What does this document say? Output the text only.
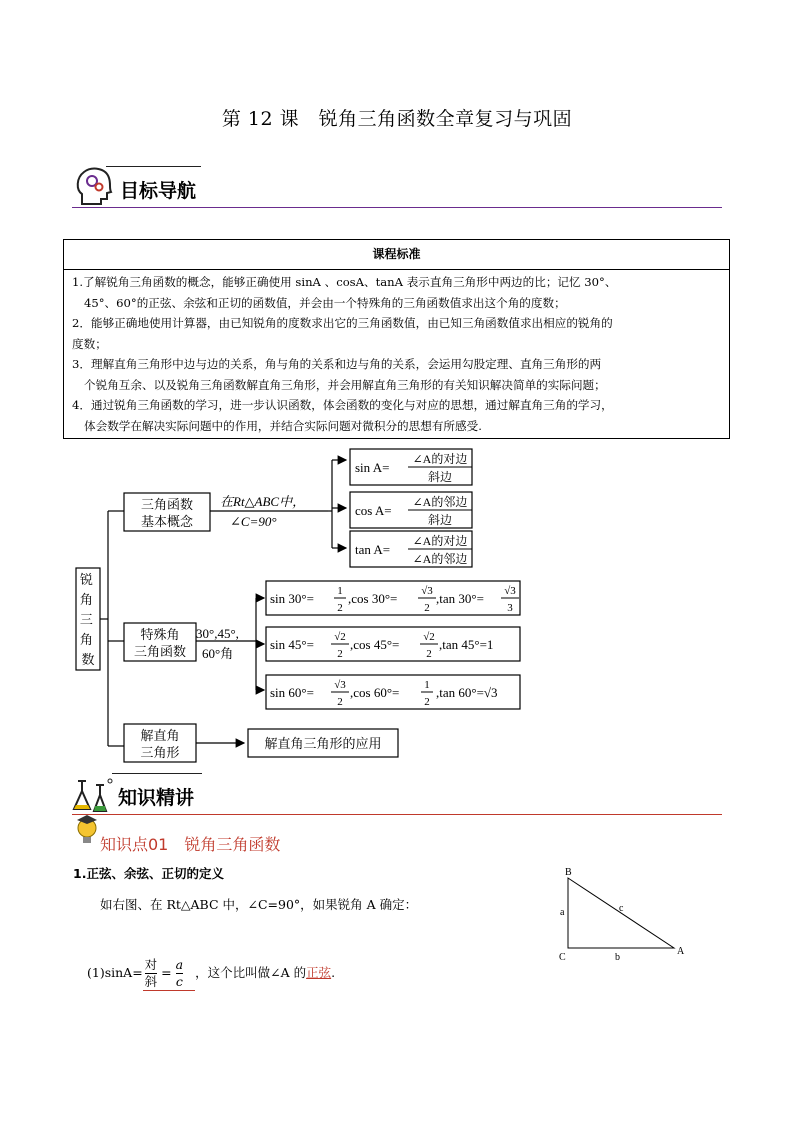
第 12 课　锐角三角函数全章复习与巩固
目标导航
课程标准

1.了解锐角三角函数的概念，能够正确使用 sinA 、cosA、tanA 表示直角三角形中两边的比；记忆 30°、

45°、60°的正弦、余弦和正切的函数值，并会由一个特殊角的三角函数值求出这个角的度数；

2．能够正确地使用计算器，由已知锐角的度数求出它的三角函数值，由已知三角函数值求出相应的锐角的

度数；

3．理解直角三角形中边与边的关系，角与角的关系和边与角的关系，会运用勾股定理、直角三角形的两

个锐角互余、以及锐角三角函数解直角三角形，并会用解直角三角形的有关知识解决简单的实际问题；

4．通过锐角三角函数的学习，进一步认识函数，体会函数的变化与对应的思想，通过解直角三角的学习，

体会数学在解决实际问题中的作用，并结合实际问题对微积分的思想有所感受.

锐 角 三 角 数
三角函数
基本概念
在Rt△ABC中，
∠C=90°
sin A=
∠A的对边
斜边
cos A=
∠A的邻边
斜边
tan A=
∠A的对边
∠A的邻边
特殊角
三角函数
30°,45°,
60°角
sin 30°= 1
2
,cos 30°= √3
2
,tan 30°= √3
3
sin 45°= √2
2
,cos 45°= √2
2
,tan 45°=1
sin 60°= √3
2
,cos 60°= 1
2
,tan 60°=√3
解直角
三角形
解直角三角形的应用
知识精讲
知识点01　锐角三角函数
1.正弦、余弦、正切的定义
如右图、在 Rt△ABC 中，∠C=90°，如果锐角 A 确定：
$(1)\sin A= \frac{\text{对}}{\text{斜}} = \frac{a}{c}$ ，这个比叫做∠A 的正弦.
B
C
A
a
b
c
